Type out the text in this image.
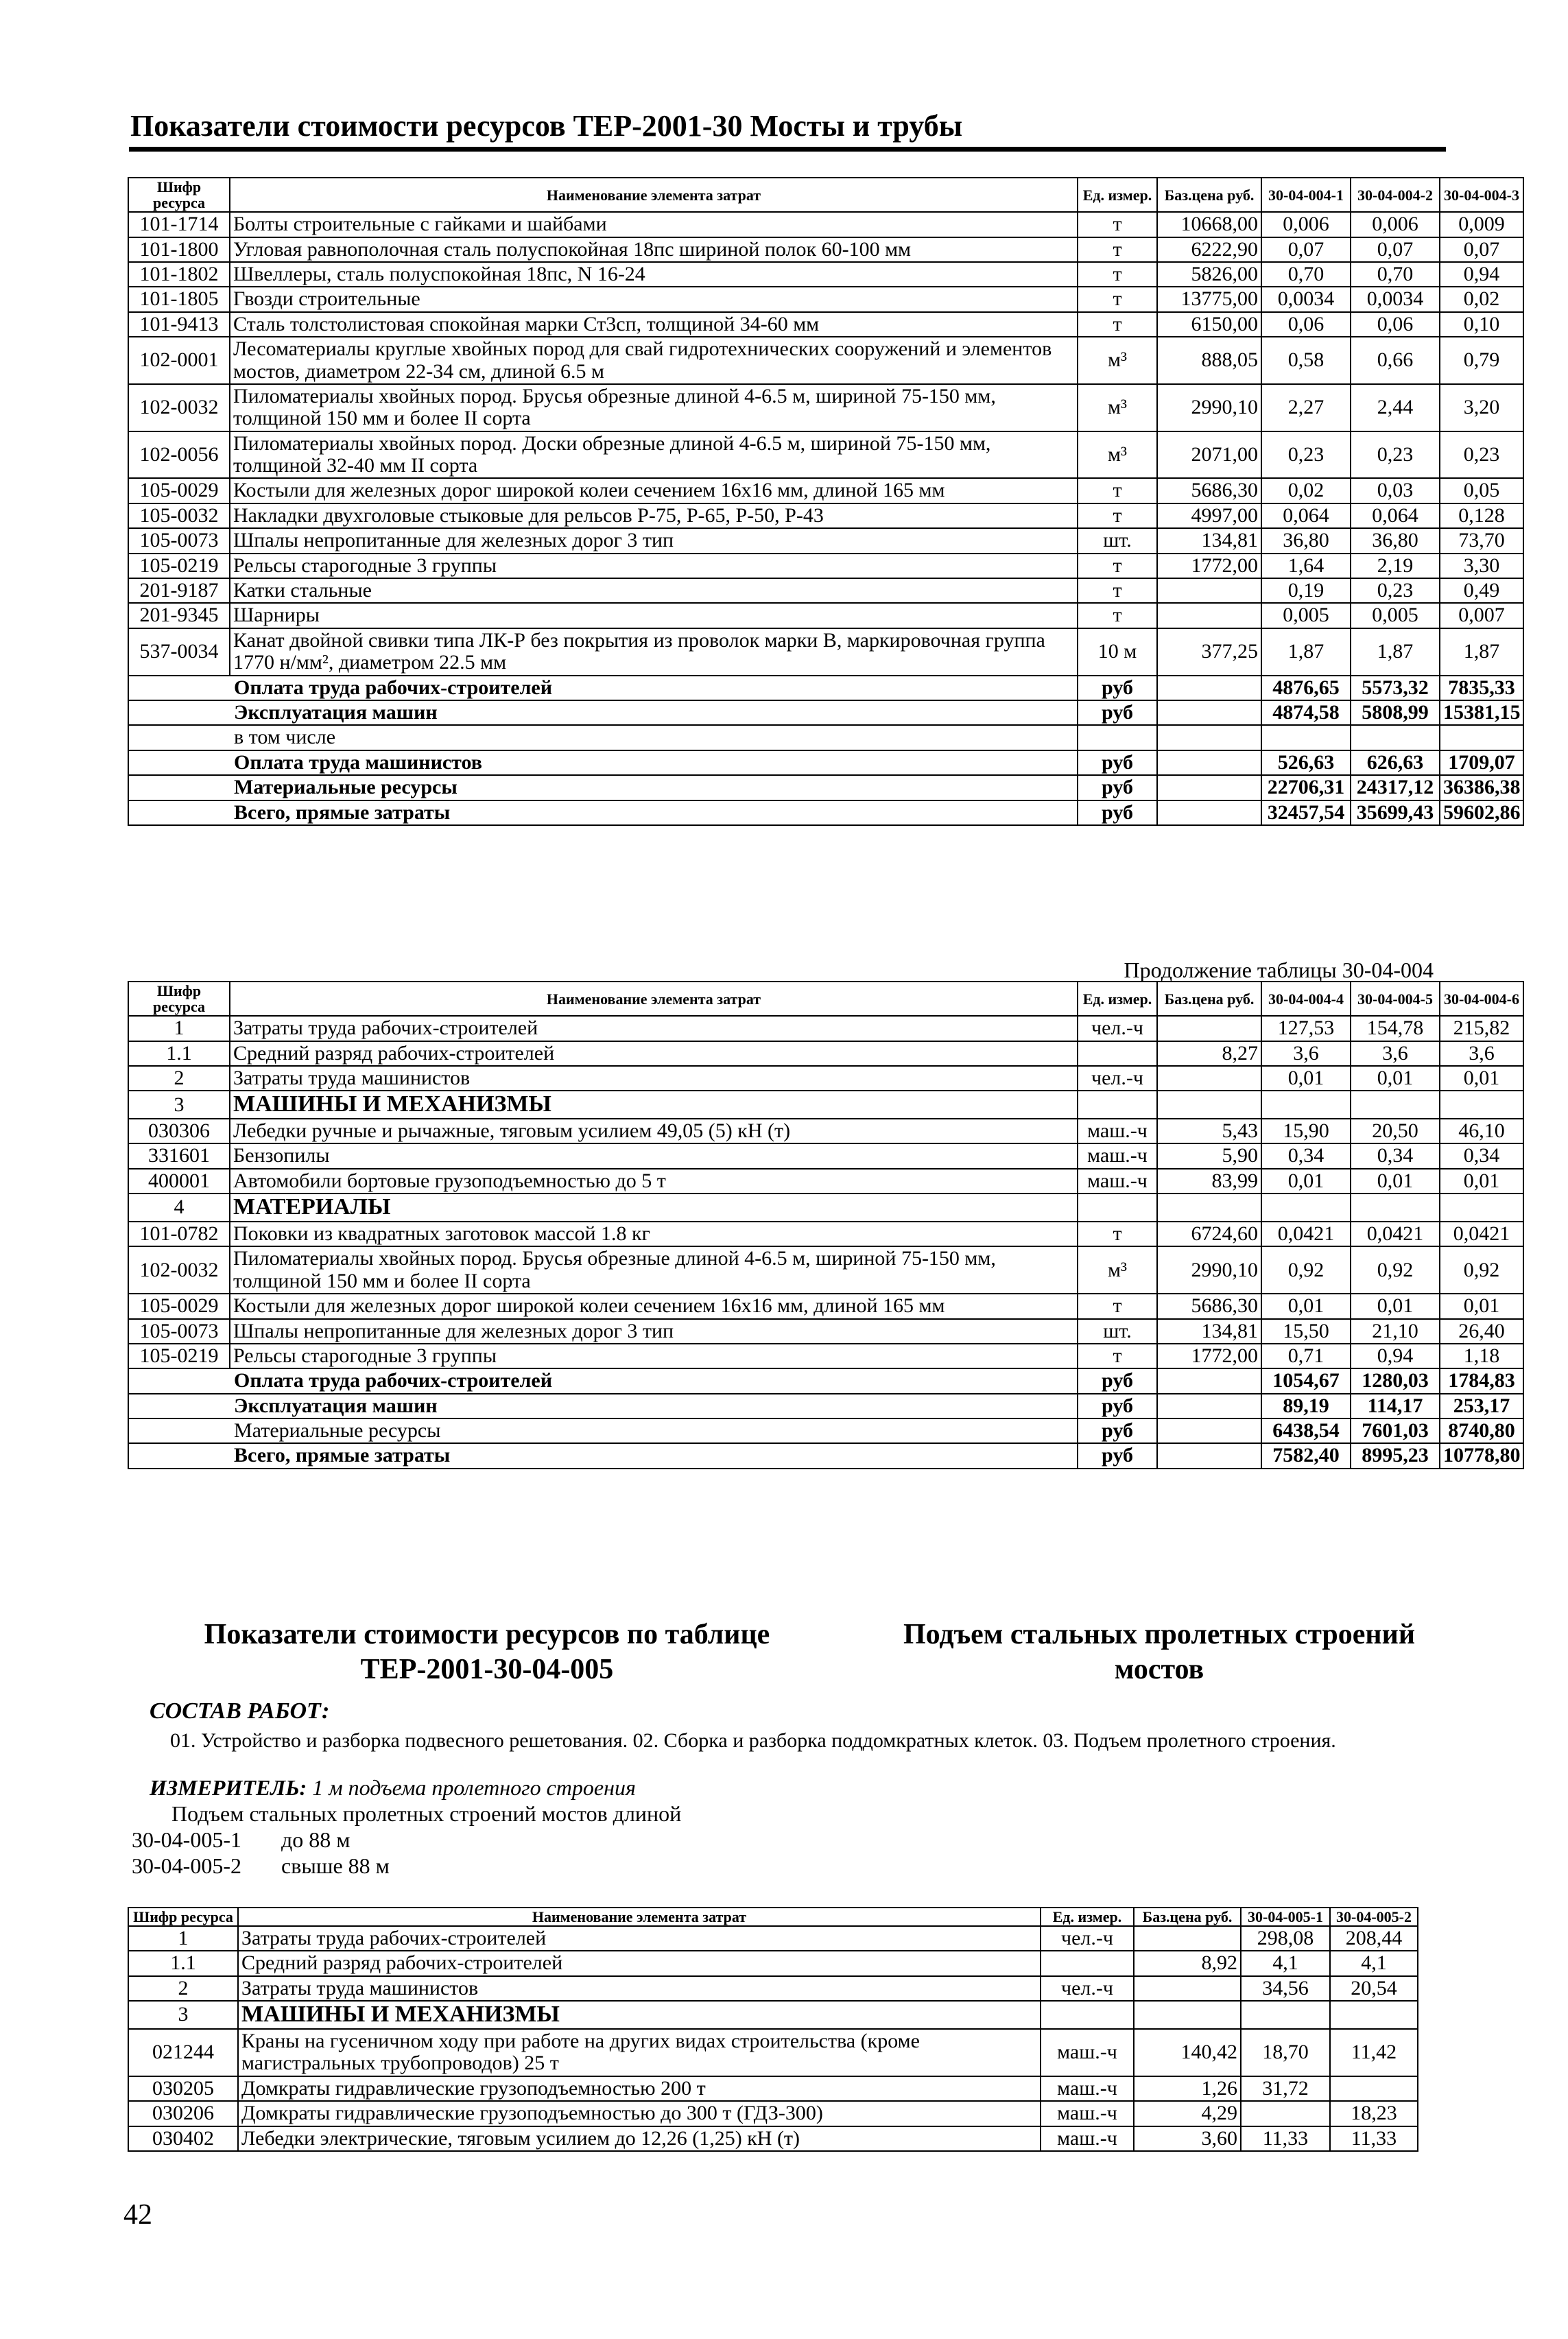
Показатели стоимости ресурсов ТЕР-2001-30 Мосты и трубы
Шифр ресурса	Наименование элемента затрат	Ед. измер.	Баз.цена руб.	30-04-004-1	30-04-004-2	30-04-004-3
101-1714	Болты строительные с гайками и шайбами	т	10668,00	0,006	0,006	0,009
101-1800	Угловая равнополочная сталь полуспокойная 18пс шириной полок 60-100 мм	т	6222,90	0,07	0,07	0,07
101-1802	Швеллеры, сталь полуспокойная 18пс, N 16-24	т	5826,00	0,70	0,70	0,94
101-1805	Гвозди строительные	т	13775,00	0,0034	0,0034	0,02
101-9413	Сталь толстолистовая спокойная марки Ст3сп, толщиной 34-60 мм	т	6150,00	0,06	0,06	0,10
102-0001	Лесоматериалы круглые хвойных пород для свай гидротехнических сооружений и элементов мостов, диаметром 22-34 см, длиной 6.5 м	м³	888,05	0,58	0,66	0,79
102-0032	Пиломатериалы хвойных пород. Брусья обрезные длиной 4-6.5 м, шириной 75-150 мм, толщиной 150 мм и более II сорта	м³	2990,10	2,27	2,44	3,20
102-0056	Пиломатериалы хвойных пород. Доски обрезные длиной 4-6.5 м, шириной 75-150 мм, толщиной 32-40 мм II сорта	м³	2071,00	0,23	0,23	0,23
105-0029	Костыли для железных дорог широкой колеи сечением 16х16 мм, длиной 165 мм	т	5686,30	0,02	0,03	0,05
105-0032	Накладки двухголовые стыковые для рельсов Р-75, Р-65, Р-50, Р-43	т	4997,00	0,064	0,064	0,128
105-0073	Шпалы непропитанные для железных дорог 3 тип	шт.	134,81	36,80	36,80	73,70
105-0219	Рельсы старогодные 3 группы	т	1772,00	1,64	2,19	3,30
201-9187	Катки стальные	т		0,19	0,23	0,49
201-9345	Шарниры	т		0,005	0,005	0,007
537-0034	Канат двойной свивки типа ЛК-Р без покрытия из проволок марки В, маркировочная группа 1770 н/мм², диаметром 22.5 мм	10 м	377,25	1,87	1,87	1,87
	Оплата труда рабочих-строителей	руб		4876,65	5573,32	7835,33
	Эксплуатация машин	руб		4874,58	5808,99	15381,15
	в том числе					
	Оплата труда машинистов	руб		526,63	626,63	1709,07
	Материальные ресурсы	руб		22706,31	24317,12	36386,38
	Всего, прямые затраты	руб		32457,54	35699,43	59602,86
Продолжение таблицы 30-04-004
Шифр ресурса	Наименование элемента затрат	Ед. измер.	Баз.цена руб.	30-04-004-4	30-04-004-5	30-04-004-6
1	Затраты труда рабочих-строителей	чел.-ч		127,53	154,78	215,82
1.1	Средний разряд рабочих-строителей		8,27	3,6	3,6	3,6
2	Затраты труда машинистов	чел.-ч		0,01	0,01	0,01
3	МАШИНЫ И МЕХАНИЗМЫ					
030306	Лебедки ручные и рычажные, тяговым усилием 49,05 (5) кН (т)	маш.-ч	5,43	15,90	20,50	46,10
331601	Бензопилы	маш.-ч	5,90	0,34	0,34	0,34
400001	Автомобили бортовые грузоподъемностью до 5 т	маш.-ч	83,99	0,01	0,01	0,01
4	МАТЕРИАЛЫ					
101-0782	Поковки из квадратных заготовок массой 1.8 кг	т	6724,60	0,0421	0,0421	0,0421
102-0032	Пиломатериалы хвойных пород. Брусья обрезные длиной 4-6.5 м, шириной 75-150 мм, толщиной 150 мм и более II сорта	м³	2990,10	0,92	0,92	0,92
105-0029	Костыли для железных дорог широкой колеи сечением 16х16 мм, длиной 165 мм	т	5686,30	0,01	0,01	0,01
105-0073	Шпалы непропитанные для железных дорог 3 тип	шт.	134,81	15,50	21,10	26,40
105-0219	Рельсы старогодные 3 группы	т	1772,00	0,71	0,94	1,18
	Оплата труда рабочих-строителей	руб		1054,67	1280,03	1784,83
	Эксплуатация машин	руб		89,19	114,17	253,17
	Материальные ресурсы	руб		6438,54	7601,03	8740,80
	Всего, прямые затраты	руб		7582,40	8995,23	10778,80
Показатели стоимости ресурсов по таблице
ТЕР-2001-30-04-005
Подъем стальных пролетных строений
мостов
СОСТАВ РАБОТ:
01. Устройство и разборка подвесного решетования. 02. Сборка и разборка поддомкратных клеток. 03. Подъем пролетного строения.
ИЗМЕРИТЕЛЬ: 1 м подъема пролетного строения
Подъем стальных пролетных строений мостов длиной
30-04-005-1 до 88 м
30-04-005-2 свыше 88 м
Шифр ресурса	Наименование элемента затрат	Ед. измер.	Баз.цена руб.	30-04-005-1	30-04-005-2
1	Затраты труда рабочих-строителей	чел.-ч		298,08	208,44
1.1	Средний разряд рабочих-строителей		8,92	4,1	4,1
2	Затраты труда машинистов	чел.-ч		34,56	20,54
3	МАШИНЫ И МЕХАНИЗМЫ				
021244	Краны на гусеничном ходу при работе на других видах строительства (кроме магистральных трубопроводов) 25 т	маш.-ч	140,42	18,70	11,42
030205	Домкраты гидравлические грузоподъемностью 200 т	маш.-ч	1,26	31,72	
030206	Домкраты гидравлические грузоподъемностью до 300 т (ГДЗ-300)	маш.-ч	4,29		18,23
030402	Лебедки электрические, тяговым усилием до 12,26 (1,25) кН (т)	маш.-ч	3,60	11,33	11,33
42
